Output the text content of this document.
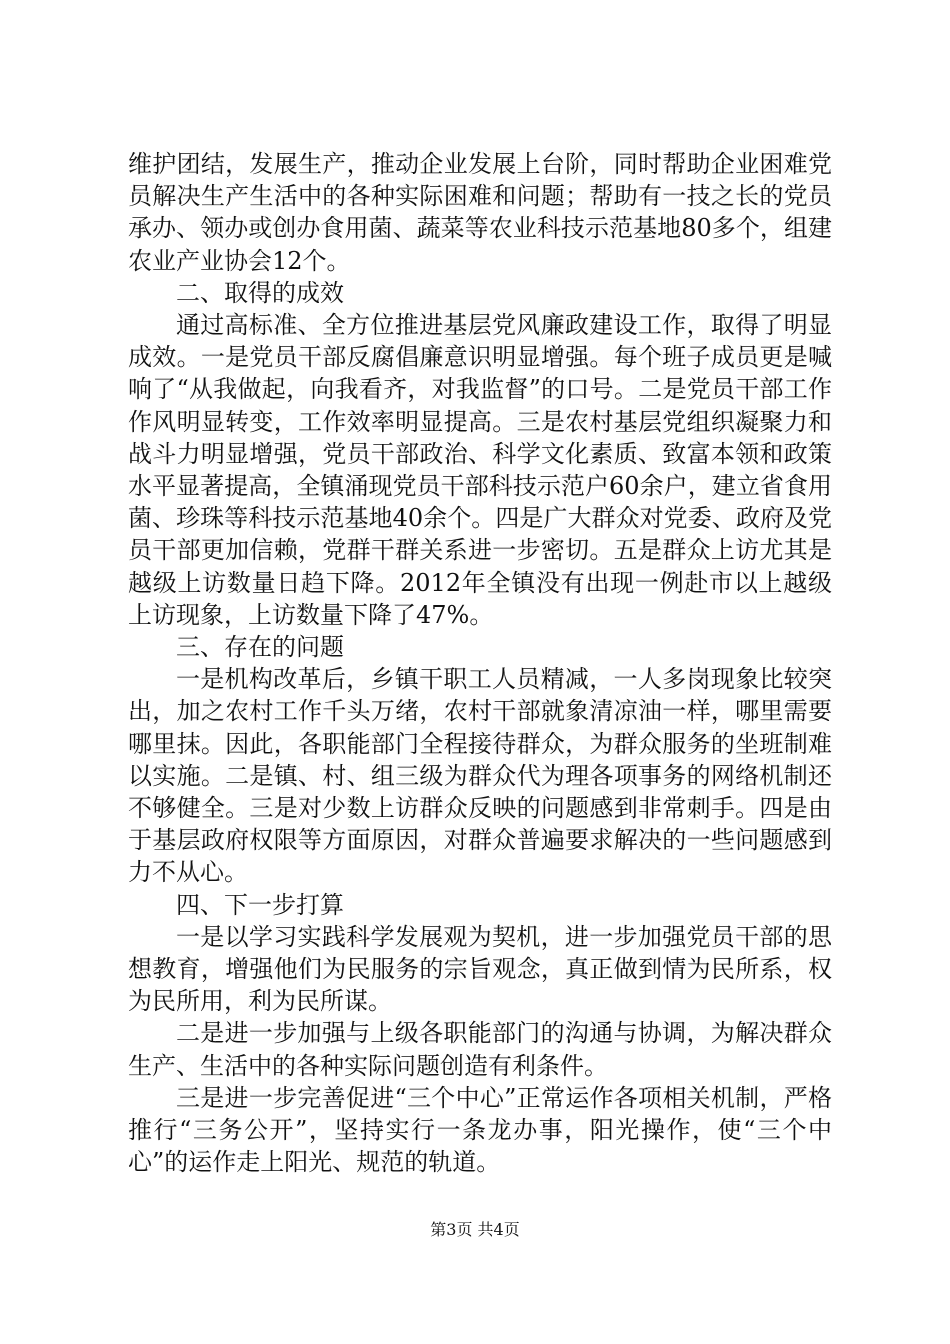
维护团结，发展生产，推动企业发展上台阶，同时帮助企业困难党员解决生产生活中的各种实际困难和问题；帮助有一技之长的党员承办、领办或创办食用菌、蔬菜等农业科技示范基地80多个，组建农业产业协会12个。

二、取得的成效

通过高标准、全方位推进基层党风廉政建设工作，取得了明显成效。一是党员干部反腐倡廉意识明显增强。每个班子成员更是喊响了“从我做起，向我看齐，对我监督”的口号。二是党员干部工作作风明显转变，工作效率明显提高。三是农村基层党组织凝聚力和战斗力明显增强，党员干部政治、科学文化素质、致富本领和政策水平显著提高，全镇涌现党员干部科技示范户60余户，建立省食用菌、珍珠等科技示范基地40余个。四是广大群众对党委、政府及党员干部更加信赖，党群干群关系进一步密切。五是群众上访尤其是越级上访数量日趋下降。2012年全镇没有出现一例赴市以上越级上访现象，上访数量下降了47%。

三、存在的问题

一是机构改革后，乡镇干职工人员精减，一人多岗现象比较突出，加之农村工作千头万绪，农村干部就象清凉油一样，哪里需要哪里抹。因此，各职能部门全程接待群众，为群众服务的坐班制难以实施。二是镇、村、组三级为群众代为理各项事务的网络机制还不够健全。三是对少数上访群众反映的问题感到非常刺手。四是由于基层政府权限等方面原因，对群众普遍要求解决的一些问题感到力不从心。

四、下一步打算

一是以学习实践科学发展观为契机，进一步加强党员干部的思想教育，增强他们为民服务的宗旨观念，真正做到情为民所系，权为民所用，利为民所谋。

二是进一步加强与上级各职能部门的沟通与协调，为解决群众生产、生活中的各种实际问题创造有利条件。

三是进一步完善促进“三个中心”正常运作各项相关机制，严格推行“三务公开”，坚持实行一条龙办事，阳光操作，使“三个中心”的运作走上阳光、规范的轨道。

第3页 共4页
